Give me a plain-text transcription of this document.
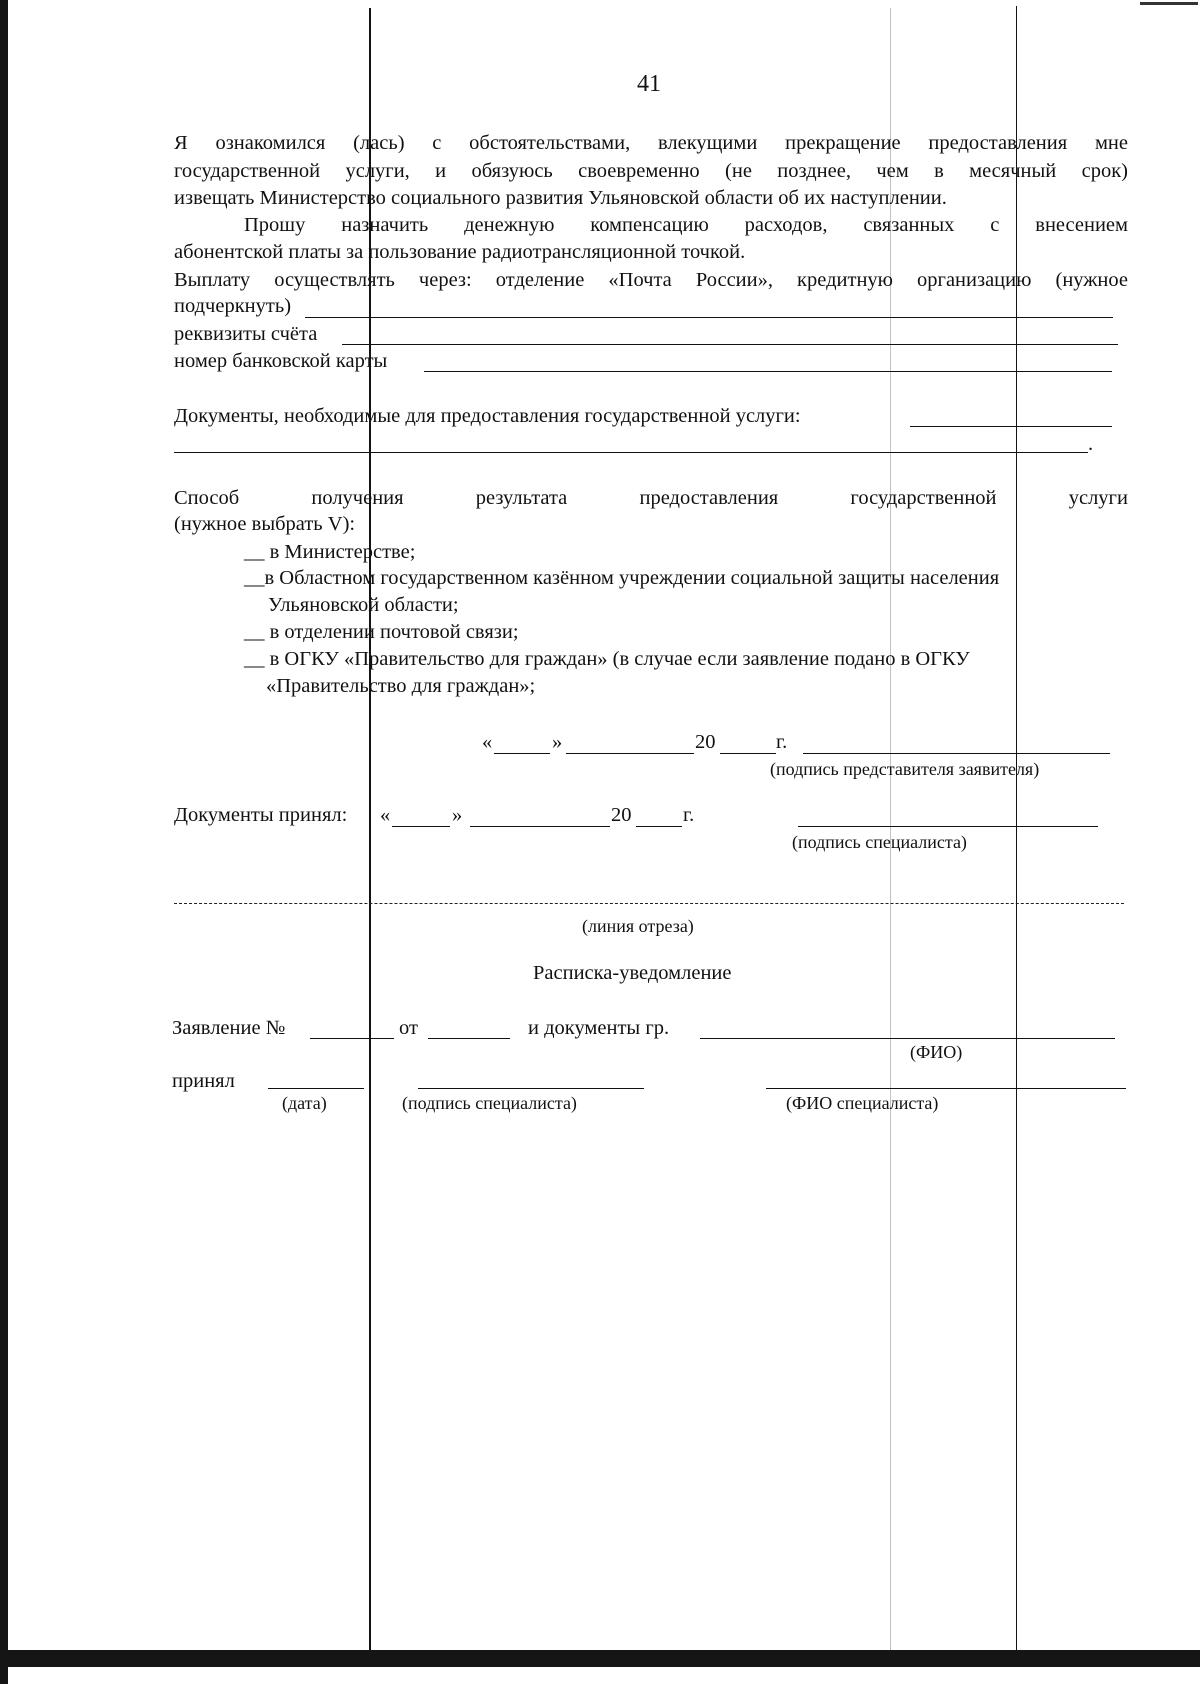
41
Я ознакомился (лась) с обстоятельствами, влекущими прекращение предоставления мне
государственной услуги, и обязуюсь своевременно (не позднее, чем в месячный срок)
извещать Министерство социального развития Ульяновской области об их наступлении.
Прошу назначить денежную компенсацию расходов, связанных с внесением
абонентской платы за пользование радиотрансляционной точкой.
Выплату осуществлять через: отделение «Почта России», кредитную организацию (нужное
подчеркнуть)
реквизиты счёта
номер банковской карты
Документы, необходимые для предоставления государственной услуги:
.
Способ	получения	результата	предоставления	государственной	услуги
(нужное выбрать V):
__ в Министерстве;
__в Областном государственном казённом учреждении социальной защиты населения
Ульяновской области;
__ в отделении почтовой связи;
__ в ОГКУ «Правительство для граждан» (в случае если заявление подано в ОГКУ
«Правительство для граждан»;
«	»	20	г.
(подпись представителя заявителя)
Документы принял: «	»	20	г.
(подпись специалиста)
(линия отреза)
Расписка-уведомление
Заявление №	от	и документы гр.
(ФИО)
принял
(дата)	(подпись специалиста)	(ФИО специалиста)
